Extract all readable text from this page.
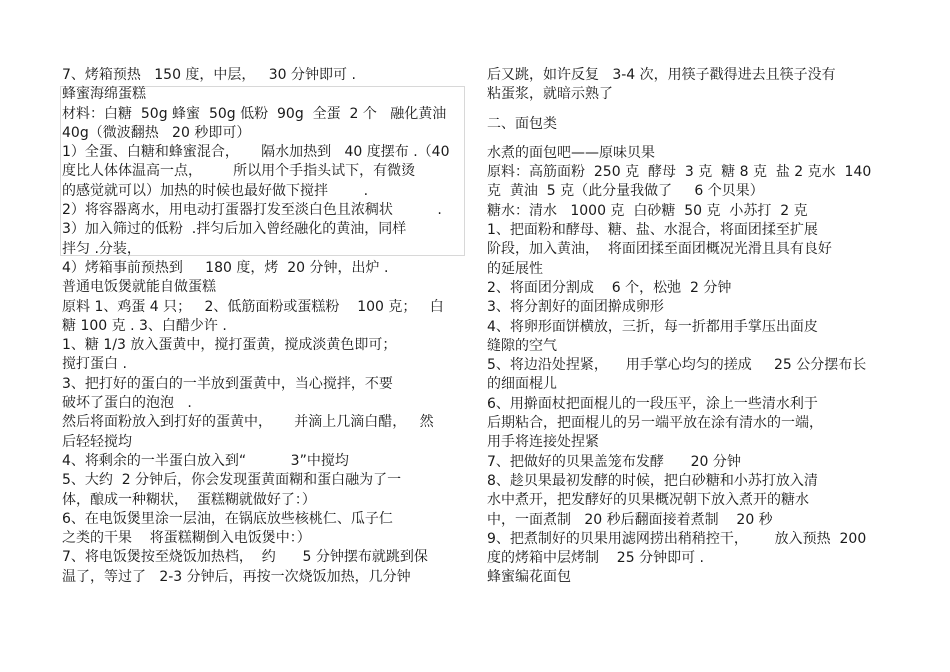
7、烤箱预热   150 度，中层，   30 分钟即可 .
蜂蜜海绵蛋糕
材料：白糖  50g 蜂蜜  50g 低粉  90g  全蛋  2 个   融化黄油
40g（微波翻热   20 秒即可）
1）全蛋、白糖和蜂蜜混合，     隔水加热到   40 度摆布 .（40
度比人体体温高一点，       所以用个手指头试下，有微烫
的感觉就可以）加热的时候也最好做下搅拌        .
2）将容器离水，用电动打蛋器打发至淡白色且浓稠状          .
3）加入筛过的低粉  .拌匀后加入曾经融化的黄油，同样
拌匀 .分装，
4）烤箱事前预热到     180 度，烤  20 分钟，出炉 .
普通电饭煲就能自做蛋糕
原料 1、鸡蛋 4 只；   2、低筋面粉或蛋糕粉    100 克；   白
糖 100 克 . 3、白醋少许 .
1、糖 1/3 放入蛋黄中，搅打蛋黄，搅成淡黄色即可；
搅打蛋白 .
3、把打好的蛋白的一半放到蛋黄中，当心搅拌，不要
破坏了蛋白的泡泡   .
然后将面粉放入到打好的蛋黄中，     并滴上几滴白醋，   然
后轻轻搅均
4、将剩余的一半蛋白放入到“          3”中搅均
5、大约  2 分钟后，你会发现蛋黄面糊和蛋白融为了一
体，酿成一种糊状，  蛋糕糊就做好了：）
6、在电饭煲里涂一层油，在锅底放些核桃仁、瓜子仁
之类的干果    将蛋糕糊倒入电饭煲中：）
7、将电饭煲按至烧饭加热档，  约      5 分钟摆布就跳到保
温了，等过了   2-3 分钟后，再按一次烧饭加热，几分钟
后又跳，如许反复   3-4 次，用筷子戳得进去且筷子没有
粘蛋浆，就暗示熟了
二、面包类
水煮的面包吧——原味贝果
原料：高筋面粉  250 克  酵母  3 克  糖 8 克  盐 2 克水  140
克  黄油  5 克（此分量我做了     6 个贝果）
糖水：清水   1000 克  白砂糖  50 克  小苏打  2 克
1、把面粉和酵母、糖、盐、水混合，将面团揉至扩展
阶段，加入黄油，  将面团揉至面团概况光滑且具有良好
的延展性
2、将面团分割成    6 个，松弛  2 分钟
3、将分割好的面团擀成卵形
4、将卵形面饼横放，三折，每一折都用手掌压出面皮
缝隙的空气
5、将边沿处捏紧，    用手掌心均匀的搓成     25 公分摆布长
的细面棍儿
6、用擀面杖把面棍儿的一段压平，涂上一些清水利于
后期粘合，把面棍儿的另一端平放在涂有清水的一端，
用手将连接处捏紧
7、把做好的贝果盖笼布发酵      20 分钟
8、趁贝果最初发酵的时候，把白砂糖和小苏打放入清
水中煮开，把发酵好的贝果概况朝下放入煮开的糖水
中，一面煮制   20 秒后翻面接着煮制    20 秒
9、把煮制好的贝果用滤网捞出稍稍控干，      放入预热  200
度的烤箱中层烤制    25 分钟即可 .
蜂蜜编花面包
